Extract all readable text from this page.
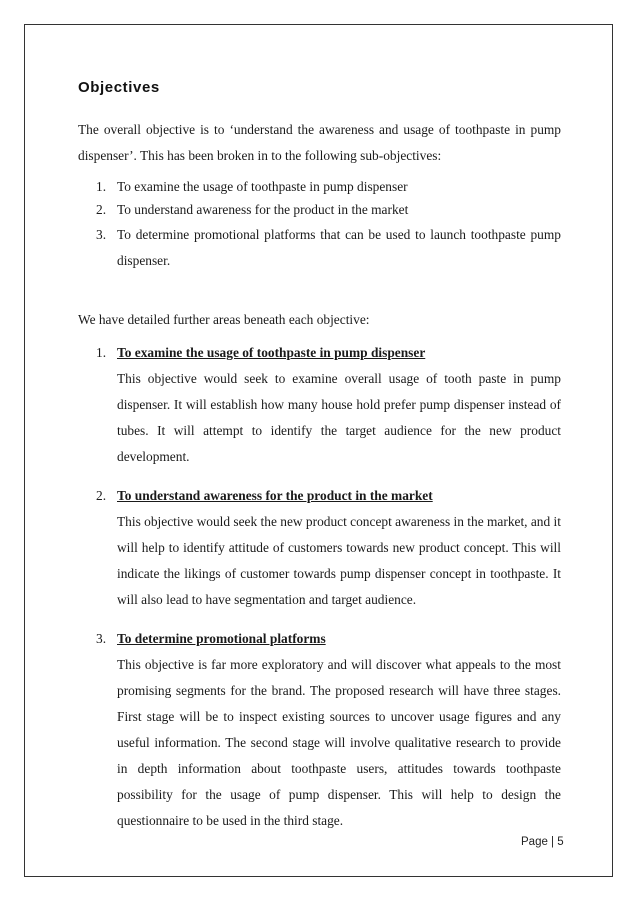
Objectives
The overall objective is to ‘understand the awareness and usage of toothpaste in pump dispenser’. This has been broken in to the following sub-objectives:
1. To examine the usage of toothpaste in pump dispenser
2. To understand awareness for the product in the market
3. To determine promotional platforms that can be used to launch toothpaste pump dispenser.
We have detailed further areas beneath each objective:
1. To examine the usage of toothpaste in pump dispenser
This objective would seek to examine overall usage of tooth paste in pump dispenser. It will establish how many house hold prefer pump dispenser instead of tubes. It will attempt to identify the target audience for the new product development.
2. To understand awareness for the product in the market
This objective would seek the new product concept awareness in the market, and it will help to identify attitude of customers towards new product concept. This will indicate the likings of customer towards pump dispenser concept in toothpaste. It will also lead to have segmentation and target audience.
3. To determine promotional platforms
This objective is far more exploratory and will discover what appeals to the most promising segments for the brand. The proposed research will have three stages. First stage will be to inspect existing sources to uncover usage figures and any useful information. The second stage will involve qualitative research to provide in depth information about toothpaste users, attitudes towards toothpaste possibility for the usage of pump dispenser. This will help to design the questionnaire to be used in the third stage.
Page | 5
